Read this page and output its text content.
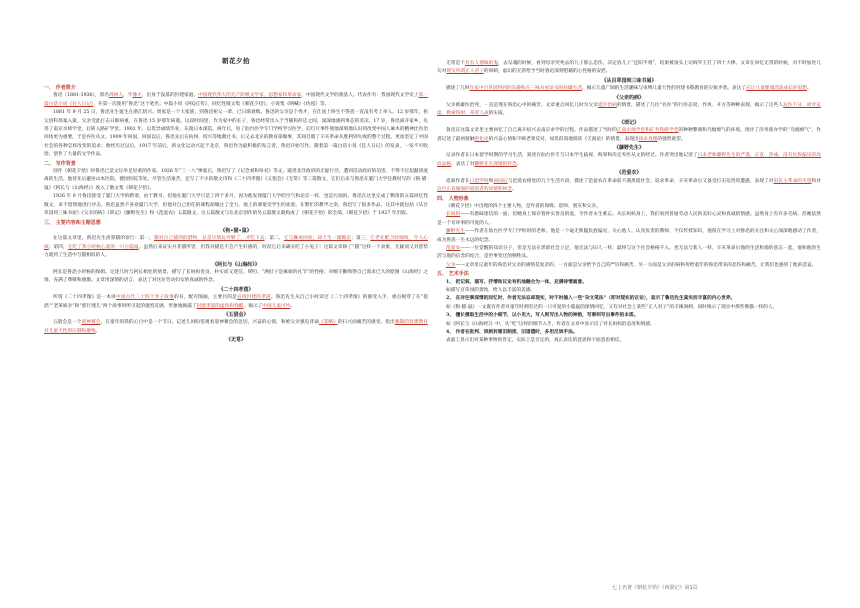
朝花夕拾
一、 作者简介

鲁迅（1881-1936），原名周树人，字豫才，出身于没落的封建家庭。中国现代伟大的无产阶级文学家、思想家和革命家，中国现代文学的奠基人。代表作有：我国现代文学史上第一篇白话小说《狂人日记》，开第一次使用“鲁迅”这个笔名；中篇小说《阿Q正传》，回忆性散文集《朝花夕拾》，小说集《呐喊》《彷徨》等。

1881 年 9 月 25 日，鲁迅先生诞生在浙江绍兴。周家是一个大家族，到鲁迅祖父一辈，已日渐衰败。鲁迅的父亲是个秀才，在仕途上终生不得意一直没有考上举人。12 岁那年，祖父因科场案入狱，父亲受此打击日渐病重，在鲁迅 15 岁那年病逝。这段时间里，作为家中的长子，鲁迅经常出入于当铺和药店之间，深深地感到事态的炎凉。17 岁，鲁迅离开家乡，先进了南京水师学堂，后转入路矿学堂。1902 年，以优异成绩毕业，东渡日本深造。两年后，进了仙台医学专门学校学习医学，幻灯片事件使他深刻地认识到改变中国人麻木的精神比医治肉体更为重要，于是弃医从文。1909 年回国，回国以后，鲁迅先后在杭州、绍兴等地教过书，后又去北京的教育部做事，其间目睹了辛亥革命从胜利到失败的整个过程，更加坚定了中国社会的各种怎样改变的追求；他经历过以后。1917 年前后，新文化运动兴起于北京，鲁迅作为最积极的发言者，鲁迅开始写作。随着第一篇白话小说《狂人日记》的发表，一发不可收拾，创作了大量的文学作品。

二、 写作背景

创作《朝花夕拾》时鲁迅已是文坛举足轻重的作家。1926 年“三一八”惨案后，鲁迅写了《记念刘和珍君》等文，谴责北洋政府的无耻行径，遭到反动政府的迫害，不得不过起颠沛流离的生活。他曾先后避居山本医院、德国医院等处。尽管生活艰苦，还写了不少的散文诗和《二十四孝图》《五猖会》《无常》等三篇散文，它们后来与鲁迅在厦门大学任教时写的《狗·猫·鼠》《阿长与《山海经》》收入了散文集《朝花夕拾》。

1926 年 9 月鲁迅接受了厦门大学的聘请。由于教书，但他在厦门大学只是了四个多月，因为他发现厦门大学的空气和北京一样，也是污浊的。鲁迅在这里完成了剩余的五篇回忆性散文，来不留情地进行评击。鲁迅虽然不喜欢厦门大学，但他对自己担任的课程却倾注了全力，他上的课很受学生的欢迎。在繁忙的教学之余，鲁迅写了很多作品，这其中就包括《从百草园到三味书屋》《父亲的病》《琐记》《藤野先生》和《范爱农》五篇散文。这五篇散文与在北京创作的另五篇散文就构成了《朝花夕拾》的全部。《朝花夕拾》于 1927 年出版。

三、 主要内容和主题思想
《狗•猫•鼠》

在这篇文章里，鲁迅先生清算猫的罪行：第一，猫对自己捕到的猎物，总是尽情玩弄够了，才吃下去；第二，它与狮虎同族，却天生一副媚态；第三，它老在配合时嗥叫，令人心烦；第四，它吃了我小时候心爱的一只小隐鼠。虽然后来证实并非猫所害，但我对猫是不会产生好感的，何况它后来确实吃了小兔子！这篇文章除了“猫”这样一个表象，无疑而又对恶势力就到了生活中与猫相似的人。

《阿长与《山海经》》

阿长是鲁迅小时候的保姆。记述儿时与阿长相处的情景，描写了长妈妈善良、朴实而又迷信、唠叨、“满肚子是麻烦的礼节”的性格；对她辛勤购得自己渴求已久的绘图《山海经》之情，充满了尊敬和感激。文章用深情的语言，表达了对这位劳动妇女的真诚的怀念。

《二十四孝图》

所谓《二十四孝图》是一本讲中国古代二十四个孝子故事的书，配有图画，主要目的是宣扬封建的孝道。鲁迅先生从自己小时读过《二十四孝图》的感受入手，重点揭穿了在“提倡”“老莱娱亲”和“郭巨埋儿”两个故事时所引起的强烈反感，形象地揭露了封建孝道的虚伪和残酷，揭示了中国儿童可怜。

《五猖会》

五猖会是一个迎神赛会，在童年的我的心目中是一个节日。记述儿时盼望观看迎神赛会的急切，兴奋的心情，和被父亲强迫背诵《鉴略》的扫兴而痛苦的感受，指出强制的封建教育对儿童天性的压制和摧残。

《无常》

无常是个具有人情味的鬼，去勾魂的时候，看到母亲哭死去的儿子那么悲伤，决定放儿子“还阳半刻”，结果被顶头上司阎罗王打了四十大棒。文章在回忆无常的时候，对不时加进几句对现实所谓正人君子的讽刺，虚幻的无常给予当时鲁迅深刻慰藉的心性格的安慰。

《从百草园到三味书屋》

描述了儿时在家中百草园得到的乐趣和在三味书屋读书的枯燥生活，揭示儿童广阔的生活趣味与束缚儿童天性的封建书塾教育的尖锐矛盾。表达了应让儿童健康活泼成长的思想。

《父亲的病》

父亲被庸医治死，一直是埋在鲁迅心中的痛苦。文章重点回忆几时为父亲延医治病的情景，描述了几位“名医”的行医态度、作风、开方等种种表现，揭示了这些人玩医不分、故弄玄虚、勒索钱财、草菅人命的实质。

《琐记》

鲁迅在这篇文章里主要回忆了自己离开绍兴去南京求学的过程。作品描述了当时的江南水师学堂和矿务铁路学堂的种种弊端和乌烟瘴气的环境，批评了洋务派办学的“乌烟瘴气”，作者记述了最初接触进化论的兴奋心情和不顾老辈反对，如饥似渴地阅读《天演论》的情景，表现出探求真理的强烈欲望。

《藤野先生》

记录作者在日本留学时期的学习生活，叙述在仙台医专与日本学生歧视、侮辱和决定弃医从文的经过。作者突出地记述了日本老师藤野先生的严谨、正直、热诚、没有民族偏见的高尚品格，表达了对藤野先生深情的怀念。

《范爱农》

追叙作者在日留学时和回国后与范爱农相处的几个生活片段，描述了范爱农在革命前不满黑暗社会、追求革命，辛亥革命后又备受打击迫害的遭遇，表现了对旧民主革命的失望和对这位正直倔强的爱国者的同情和悼念。

四、 人物形象

《朝花夕拾》中出现的四个主要人物，是作者的保姆、恩师、朋友和父亲。

长妈妈——有愚昧迷信的一面，但她身上保存着朴实善良的爱，令作者永生难忘。从长妈妈身上，我们看到普通劳动人民的美好心灵和真诚的情感。虽然身上有许多毛病，但她依然是一个有坏事的可爱的人。

藤野先生——作者在仙台医学专门学校时的老师。他是一个毫无狭隘民族偏见、关心他人、认真负责的教师，不仅传授知识，他很在学习上对鲁迅的关注和关心深深地感动了作者，成为鲁迅一生永远的纪念。

范爱农——一位觉醒的知识分子，但是无法在黑暗社会立足，他无法与旧人一样，最终与这个社会格格不入。也无法与新人一样，辛亥革命后他的生活和他的意志一起，他和他的生活与他的信念的结合，是世事变迁的牺牲品。

父亲——文章里记童年的鲁迅对父亲的感情是复杂的，一方面是父亲给予自己的严厉和痛苦，另一方面是父亲的病和死给童年的鲁迅带来的悲伤和痛苦。让我们也感到了他的悲哀。

五、 艺术手法

1、 把记叙、描写、抒情和议论有机地融合为一体，充满诗情画意。

如描写百草园的景致，给人以丰富的美感。

2、 在对往事深情的回忆时，作者无法忘却现实，时不时插入一些“杂文笔法”（即对现实的议论），显示了鲁迅先生真实而丰富的内心世界。

如《狗·猫·鼠》一文既有作者对童年时拥有过的一只可爱的小隐鼠的深情回忆，又有对社会上某些“正人君子”的辛辣讽刺，同时揭示了现实中那些像猫一样的人。

3、 擅长摄取生活中的小细节，以小见大，写人则写出人物的神韵，写事则写出事件的本质。

如《阿长与《山海经》》中，从“吃”这样的细节入手，作者在文章中显示出了对长妈妈的态度和情感。

4、 作者在批判、讽刺封建旧制度、旧道德时，多用反讽手法。

表面上显示出对某种事物的肯定，实际上是否定的，真正表达的意思和字面意思相反。

七上名著《朝花夕拾》《西游记》第1页
